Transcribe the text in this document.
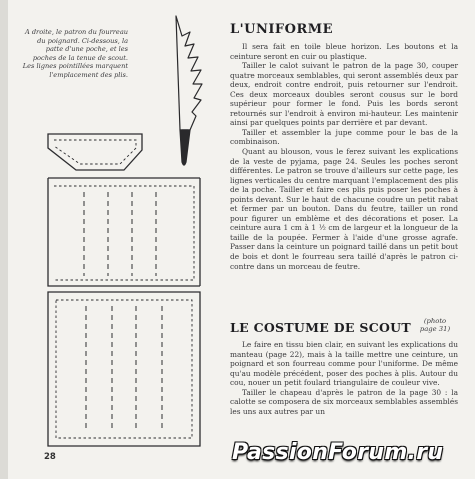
A droite, le patron du fourreau du poignard. Ci-dessous, la patte d'une poche, et les poches de la tenue de scout. Les lignes pointillées marquent l'emplacement des plis.
L'UNIFORME

Il sera fait en toile bleue horizon. Les boutons et la ceinture seront en cuir ou plastique.

Tailler le calot suivant le patron de la page 30, couper quatre morceaux semblables, qui seront assemblés deux par deux, endroit contre endroit, puis retourner sur l'endroit. Ces deux morceaux doubles seront cousus sur le bord supérieur pour former le fond. Puis les bords seront retournés sur l'endroit à environ mi-hauteur. Les maintenir ainsi par quelques points par derrière et par devant.

Tailler et assembler la jupe comme pour le bas de la combinaison.

Quant au blouson, vous le ferez suivant les explications de la veste de pyjama, page 24. Seules les poches seront différentes. Le patron se trouve d'ailleurs sur cette page, les lignes verticales du centre marquant l'emplacement des plis de la poche. Tailler et faire ces plis puis poser les poches à points devant. Sur le haut de chacune coudre un petit rabat et fermer par un bouton. Dans du feutre, tailler un rond pour figurer un emblème et des décorations et poser. La ceinture aura 1 cm à 1 ½ cm de largeur et la longueur de la taille de la poupée. Fermer à l'aide d'une grosse agrafe. Passer dans la ceinture un poignard taillé dans un petit bout de bois et dont le fourreau sera taillé d'après le patron ci-contre dans un morceau de feutre.

LE COSTUME DE SCOUT	(photo page 31)

Le faire en tissu bien clair, en suivant les explications du manteau (page 22), mais à la taille mettre une ceinture, un poignard et son fourreau comme pour l'uniforme. De même qu'au modèle précédent, poser des poches à plis. Autour du cou, nouer un petit foulard triangulaire de couleur vive.

Tailler le chapeau d'après le patron de la page 30 : la calotte se composera de six morceaux semblables assemblés les uns aux autres par un

28	PassionForum.ru
